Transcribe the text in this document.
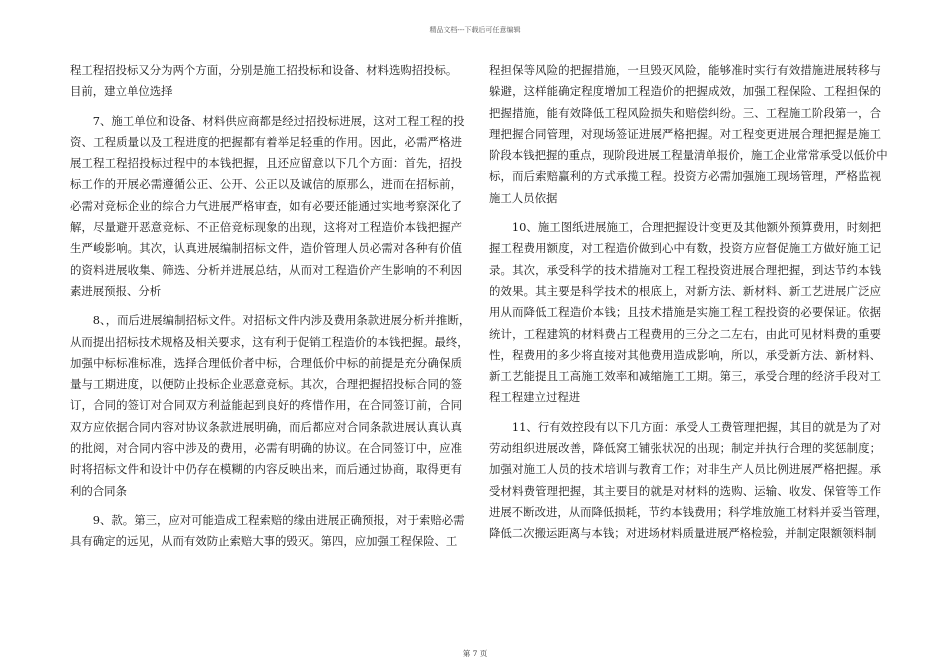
精品文档---下载后可任意编辑
程工程招投标又分为两个方面，分别是施工招投标和设备、材料选购招投标。
目前，建立单位选择
　　7、施工单位和设备、材料供应商都是经过招投标进展，这对工程工程的投
资、工程质量以及工程进度的把握都有着举足轻重的作用。因此，必需严格进
展工程工程招投标过程中的本钱把握，且还应留意以下几个方面：首先，招投
标工作的开展必需遵循公正、公开、公正以及诚信的原那么，进而在招标前，
必需对竞标企业的综合力气进展严格审查，如有必要还能通过实地考察深化了
解，尽量避开恶意竞标、不正倍竞标现象的出现，这将对工程造价本钱把握产
生严峻影响。其次，认真进展编制招标文件，造价管理人员必需对各种有价值
的资料进展收集、筛选、分析并进展总结，从而对工程造价产生影响的不利因
素进展预报、分析
　　8、，而后进展编制招标文件。对招标文件内涉及费用条款进展分析并推断，
从而提出招标技术规格及相关要求，这有利于促销工程造价的本钱把握。最终，
加强中标标准标准，选择合理低价者中标，合理低价中标的前提是充分确保质
量与工期进度，以便防止投标企业恶意竞标。其次，合理把握招投标合同的签
订，合同的签订对合同双方利益能起到良好的疼惜作用，在合同签订前，合同
双方应依据合同内容对协议条款进展明确，而后都应对合同条款进展认真认真
的批阅，对合同内容中涉及的费用，必需有明确的协议。在合同签订中，应准
时将招标文件和设计中仍存在模糊的内容反映出来，而后通过协商，取得更有
利的合同条
　　9、款。第三，应对可能造成工程索赔的缘由进展正确预报，对于索赔必需
具有确定的远见，从而有效防止索赔大事的毁灭。第四，应加强工程保险、工
程担保等风险的把握措施，一旦毁灭风险，能够准时实行有效措施进展转移与
躲避，这样能确定程度增加工程造价的把握成效，加强工程保险、工程担保的
把握措施，能有效降低工程风险损失和赔偿纠纷。三、工程施工阶段第一，合
理把握合同管理，对现场签证进展严格把握。对工程变更进展合理把握是施工
阶段本钱把握的重点，现阶段进展工程量清单报价，施工企业常常承受以低价中
标，而后索赔赢利的方式承揽工程。投资方必需加强施工现场管理，严格监视
施工人员依据
　　10、施工图纸进展施工，合理把握设计变更及其他额外预算费用，时刻把
握工程费用额度，对工程造价做到心中有数，投资方应督促施工方做好施工记
录。其次，承受科学的技术措施对工程工程投资进展合理把握，到达节约本钱
的效果。其主要是科学技术的根底上，对新方法、新材料、新工艺进展广泛应
用从而降低工程造价本钱；且技术措施是实施工程工程投资的必要保证。依据
统计，工程建筑的材料费占工程费用的三分之二左右，由此可见材料费的重要
性，程费用的多少将直接对其他费用造成影响，所以，承受新方法、新材料、
新工艺能提且工高施工效率和减缩施工工期。第三，承受合理的经济手段对工
程工程建立过程进
　　11、行有效控段有以下几方面：承受人工费管理把握，其目的就是为了对
劳动组织进展改善，降低窝工铺张状况的出现；制定并执行合理的奖惩制度；
加强对施工人员的技术培训与教育工作；对非生产人员比例进展严格把握。承
受材料费管理把握，其主要目的就是对材料的选购、运输、收发、保管等工作
进展不断改进，从而降低损耗，节约本钱费用；科学堆放施工材料并妥当管理，
降低二次搬运距离与本钱；对进场材料质量进展严格检验，并制定限额领料制
第 7 页
